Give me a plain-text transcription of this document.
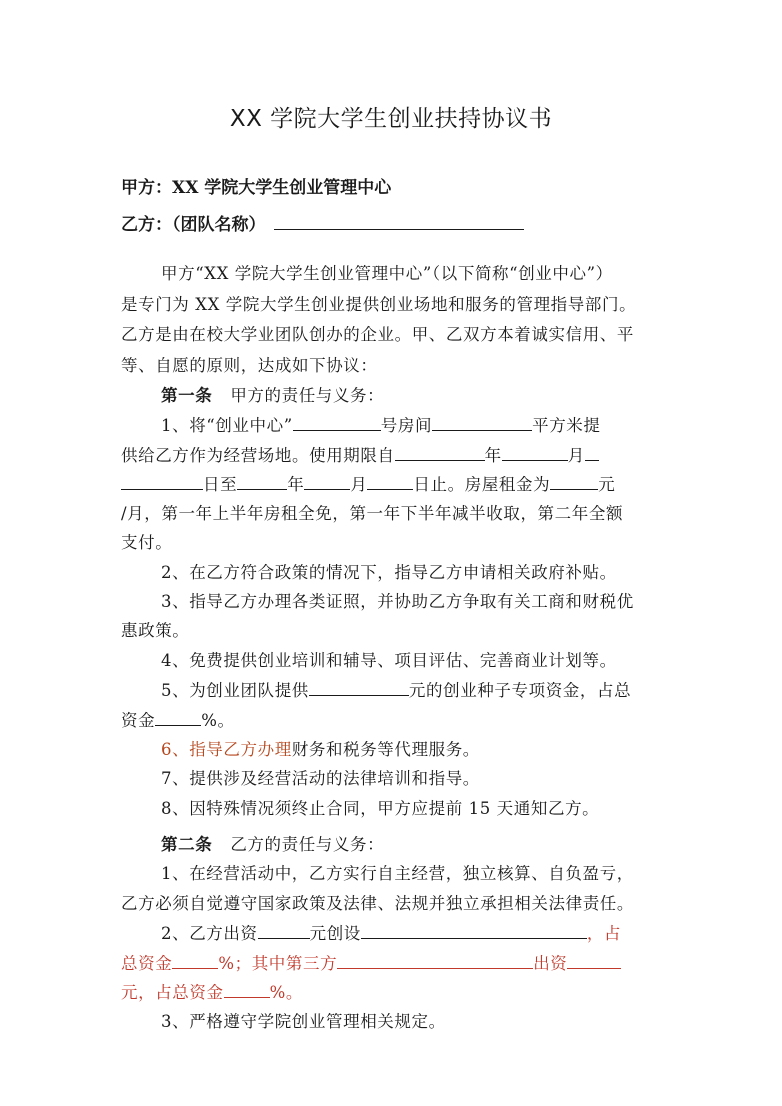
XX 学院大学生创业扶持协议书
甲方：XX 学院大学生创业管理中心
乙方：（团队名称）
甲方“XX 学院大学生创业管理中心”（以下简称“创业中心”）
是专门为 XX 学院大学生创业提供创业场地和服务的管理指导部门。
乙方是由在校大学业团队创办的企业。甲、乙双方本着诚实信用、平
等、自愿的原则，达成如下协议：
第一条 甲方的责任与义务：
1、将“创业中心”	号房间	平方米提
供给乙方作为经营场地。使用期限自	年	月
日至	年	月	日止。房屋租金为	元
/月，第一年上半年房租全免，第一年下半年减半收取，第二年全额
支付。
2、在乙方符合政策的情况下，指导乙方申请相关政府补贴。
3、指导乙方办理各类证照，并协助乙方争取有关工商和财税优
惠政策。
4、免费提供创业培训和辅导、项目评估、完善商业计划等。
5、为创业团队提供	元的创业种子专项资金，占总
资金	%。
6、指导乙方办理财务和税务等代理服务。
7、提供涉及经营活动的法律培训和指导。
8、因特殊情况须终止合同，甲方应提前 15 天通知乙方。
第二条 乙方的责任与义务：
1、在经营活动中，乙方实行自主经营，独立核算、自负盈亏，
乙方必须自觉遵守国家政策及法律、法规并独立承担相关法律责任。
2、乙方出资	元创设	，占
总资金	%；其中第三方	出资
元，占总资金	%。
3、严格遵守学院创业管理相关规定。
